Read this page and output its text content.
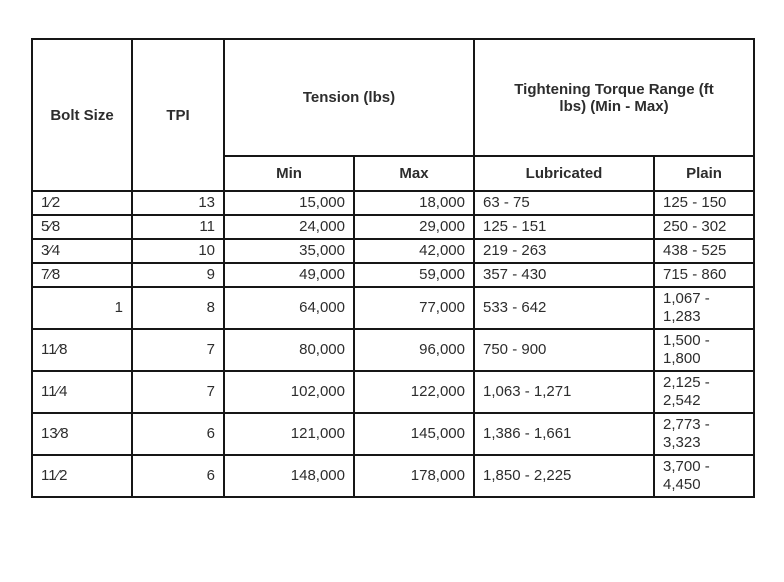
Bolt Size	TPI	Tension (lbs)		Tightening Torque Range (ft lbs) (Min - Max)	
		Min	Max	Lubricated	Plain
1⁄2	13	15,000	18,000	63 - 75	125 - 150
5⁄8	11	24,000	29,000	125 - 151	250 - 302
3⁄4	10	35,000	42,000	219 - 263	438 - 525
7⁄8	9	49,000	59,000	357 - 430	715 - 860
1	8	64,000	77,000	533 - 642	1,067 - 1,283
11⁄8	7	80,000	96,000	750 - 900	1,500 - 1,800
11⁄4	7	102,000	122,000	1,063 - 1,271	2,125 - 2,542
13⁄8	6	121,000	145,000	1,386 - 1,661	2,773 - 3,323
11⁄2	6	148,000	178,000	1,850 - 2,225	3,700 - 4,450
